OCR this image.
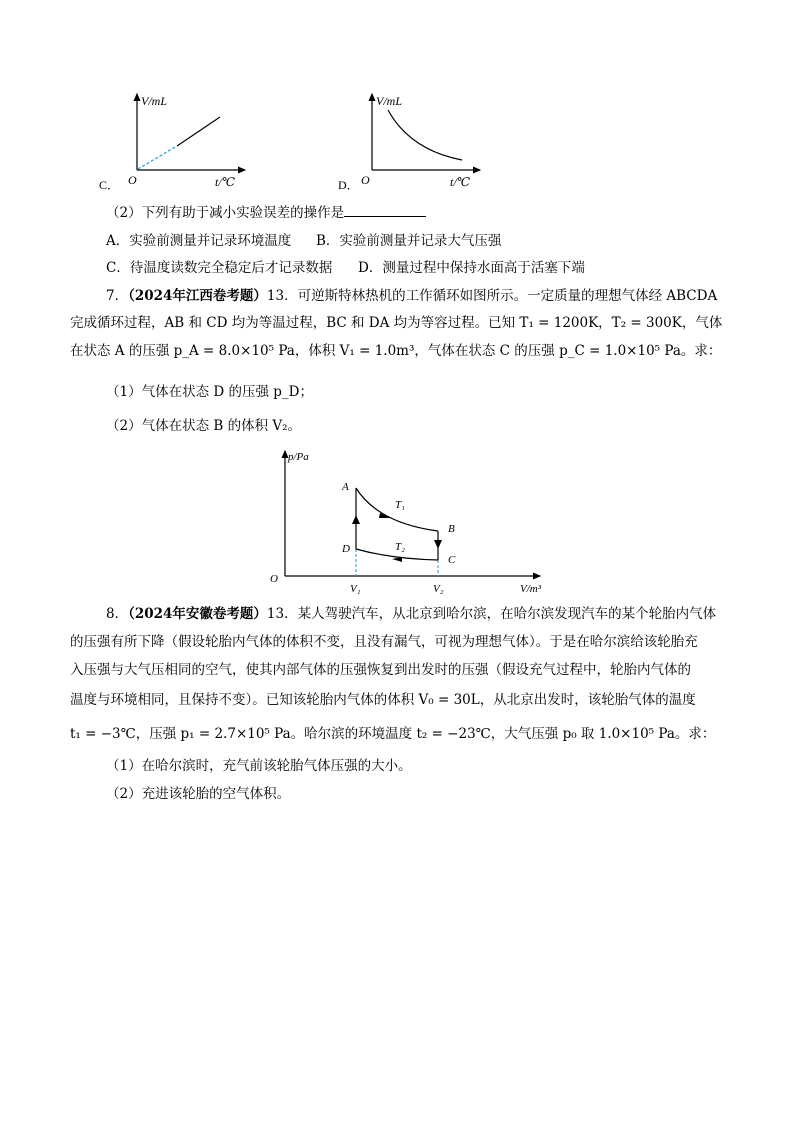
C．
V/mL
t/℃
O	D．
V/mL
t/℃
O
（2）下列有助于减小实验误差的操作是
A．实验前测量并记录环境温度 B．实验前测量并记录大气压强
C．待温度读数完全稳定后才记录数据 D．测量过程中保持水面高于活塞下端
7．（2024年江西卷考题）13．可逆斯特林热机的工作循环如图所示。一定质量的理想气体经 ABCDA
完成循环过程，AB 和 CD 均为等温过程，BC 和 DA 均为等容过程。已知 T₁ = 1200K，T₂ = 300K，气体
在状态 A 的压强 p_A = 8.0×10⁵ Pa，体积 V₁ = 1.0m³，气体在状态 C 的压强 p_C = 1.0×10⁵ Pa。求：
（1）气体在状态 D 的压强 p_D；
（2）气体在状态 B 的体积 V₂。
p/Pa
V/m³
O
A
B
C
D
T₁
T₂
V₁	V₂
8．（2024年安徽卷考题）13．某人驾驶汽车，从北京到哈尔滨，在哈尔滨发现汽车的某个轮胎内气体
的压强有所下降（假设轮胎内气体的体积不变，且没有漏气，可视为理想气体）。于是在哈尔滨给该轮胎充
入压强与大气压相同的空气，使其内部气体的压强恢复到出发时的压强（假设充气过程中，轮胎内气体的
温度与环境相同，且保持不变）。已知该轮胎内气体的体积 V₀ = 30L，从北京出发时，该轮胎气体的温度
t₁ = −3℃，压强 p₁ = 2.7×10⁵ Pa。哈尔滨的环境温度 t₂ = −23℃，大气压强 p₀ 取 1.0×10⁵ Pa。求：
（1）在哈尔滨时，充气前该轮胎气体压强的大小。
（2）充进该轮胎的空气体积。
